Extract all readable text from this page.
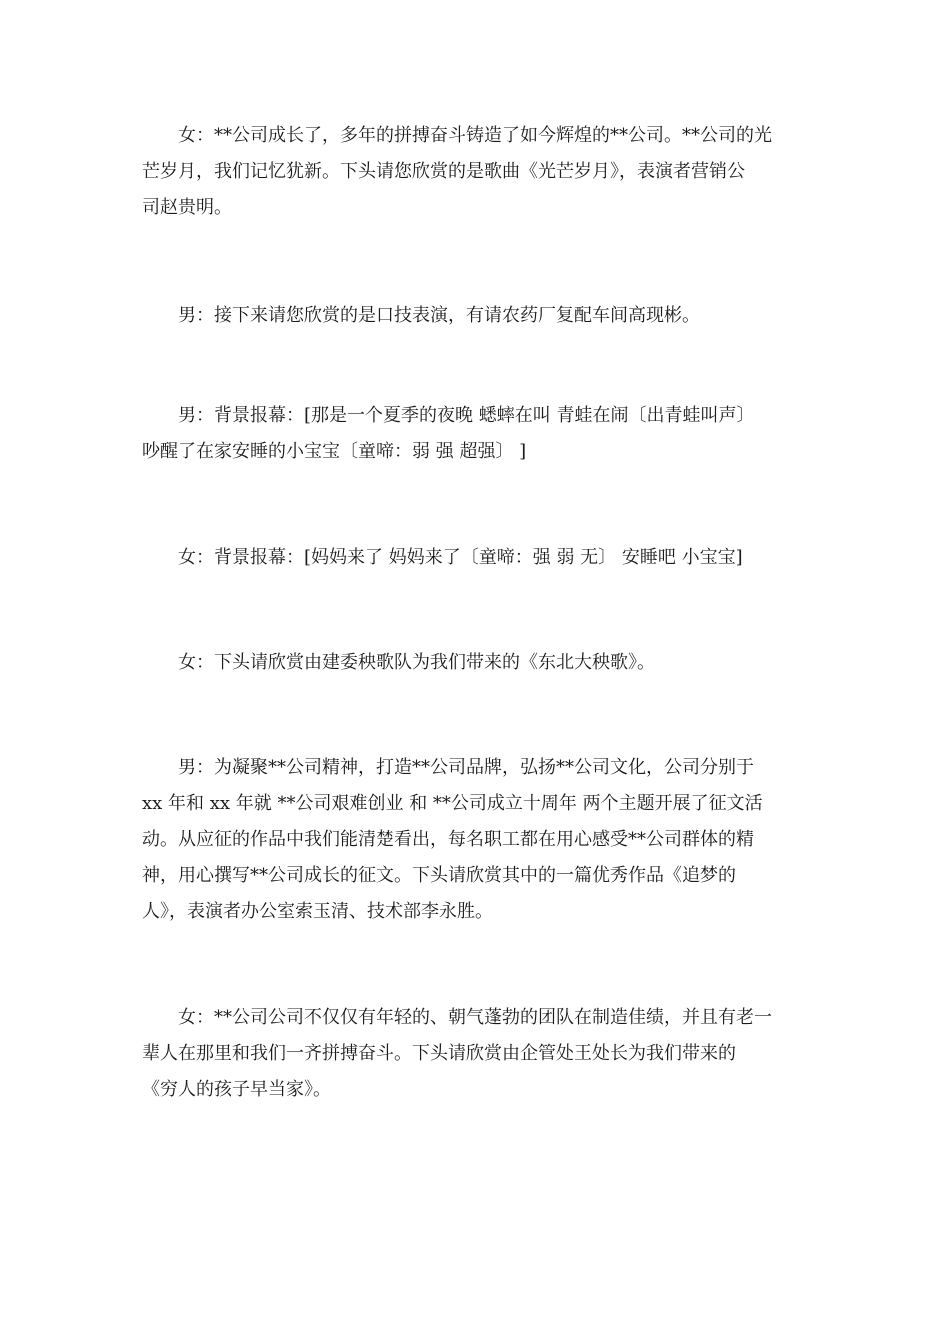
女：**公司成长了，多年的拼搏奋斗铸造了如今辉煌的**公司。**公司的光
芒岁月，我们记忆犹新。下头请您欣赏的是歌曲《光芒岁月》，表演者营销公
司赵贵明。

男：接下来请您欣赏的是口技表演，有请农药厂复配车间高现彬。

男：背景报幕：[那是一个夏季的夜晚 蟋蟀在叫 青蛙在闹〔出青蛙叫声〕
吵醒了在家安睡的小宝宝〔童啼：弱 强 超强〕 ]

女：背景报幕：[妈妈来了 妈妈来了〔童啼：强 弱 无〕 安睡吧 小宝宝]

女：下头请欣赏由建委秧歌队为我们带来的《东北大秧歌》。

男：为凝聚**公司精神，打造**公司品牌，弘扬**公司文化，公司分别于
xx 年和 xx 年就 **公司艰难创业 和 **公司成立十周年 两个主题开展了征文活
动。从应征的作品中我们能清楚看出，每名职工都在用心感受**公司群体的精
神，用心撰写**公司成长的征文。下头请欣赏其中的一篇优秀作品《追梦的
人》，表演者办公室索玉清、技术部李永胜。

女：**公司公司不仅仅有年轻的、朝气蓬勃的团队在制造佳绩，并且有老一
辈人在那里和我们一齐拼搏奋斗。下头请欣赏由企管处王处长为我们带来的
《穷人的孩子早当家》。
